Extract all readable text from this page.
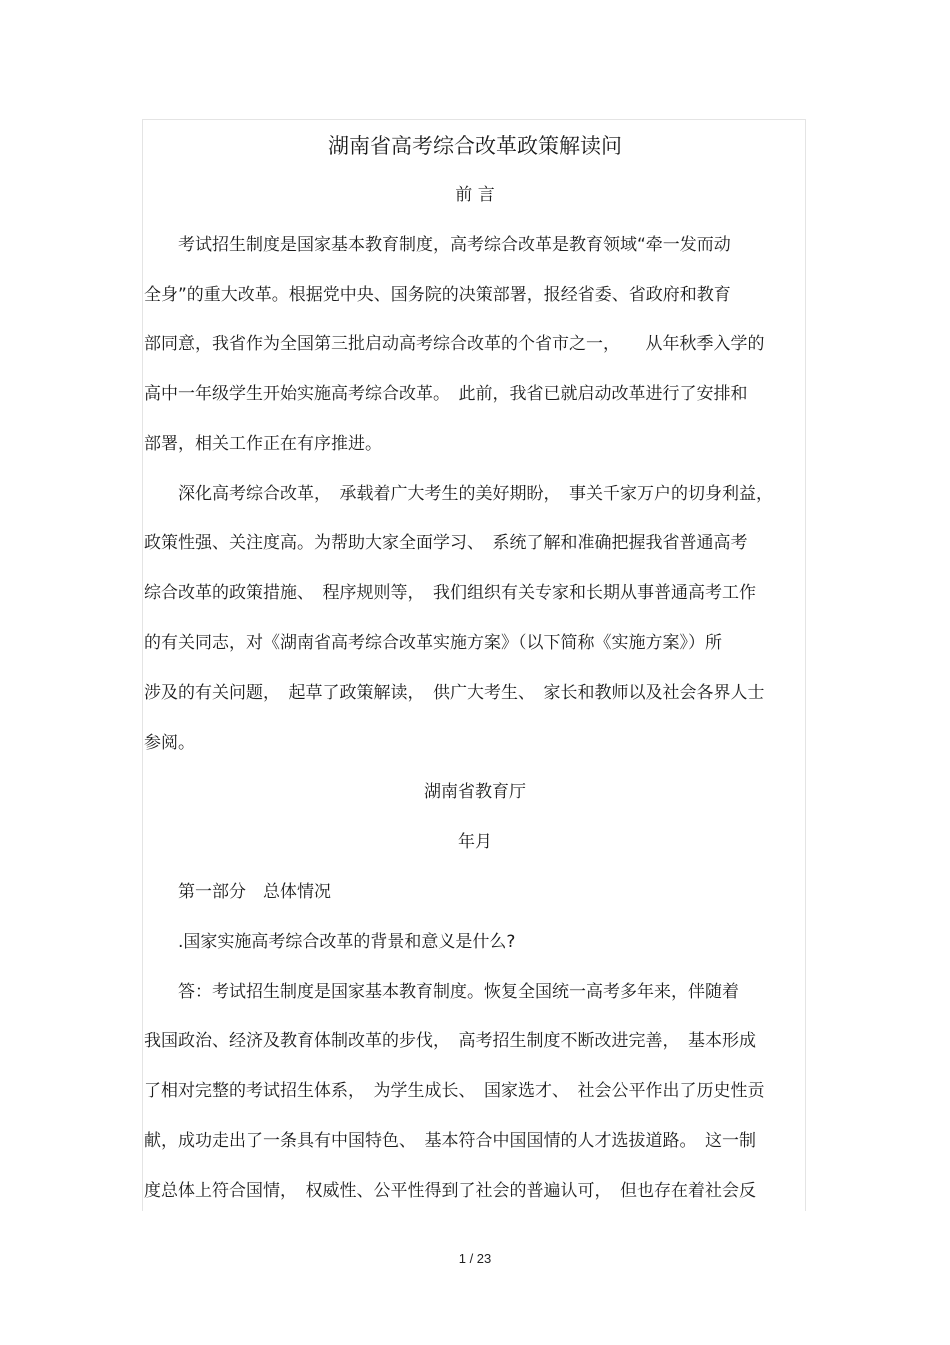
湖南省高考综合改革政策解读问
前 言
考试招生制度是国家基本教育制度，高考综合改革是教育领域“牵一发而动
全身”的重大改革。根据党中央、国务院的决策部署，报经省委、省政府和教育
部同意，我省作为全国第三批启动高考综合改革的个省市之一，　　从年秋季入学的
高中一年级学生开始实施高考综合改革。　此前，我省已就启动改革进行了安排和
部署，相关工作正在有序推进。
深化高考综合改革，　承载着广大考生的美好期盼，　事关千家万户的切身利益，
政策性强、关注度高。为帮助大家全面学习、　系统了解和准确把握我省普通高考
综合改革的政策措施、　程序规则等，　我们组织有关专家和长期从事普通高考工作
的有关同志，对《湖南省高考综合改革实施方案》（以下简称《实施方案》）所
涉及的有关问题，　起草了政策解读，　供广大考生、　家长和教师以及社会各界人士
参阅。
湖南省教育厅
年月
第一部分　总体情况
.国家实施高考综合改革的背景和意义是什么?
答：考试招生制度是国家基本教育制度。恢复全国统一高考多年来，伴随着
我国政治、经济及教育体制改革的步伐，　高考招生制度不断改进完善，　基本形成
了相对完整的考试招生体系，　为学生成长、　国家选才、　社会公平作出了历史性贡
献，成功走出了一条具有中国特色、　基本符合中国国情的人才选拔道路。　这一制
度总体上符合国情，　权威性、公平性得到了社会的普遍认可，　但也存在着社会反
1 / 23
